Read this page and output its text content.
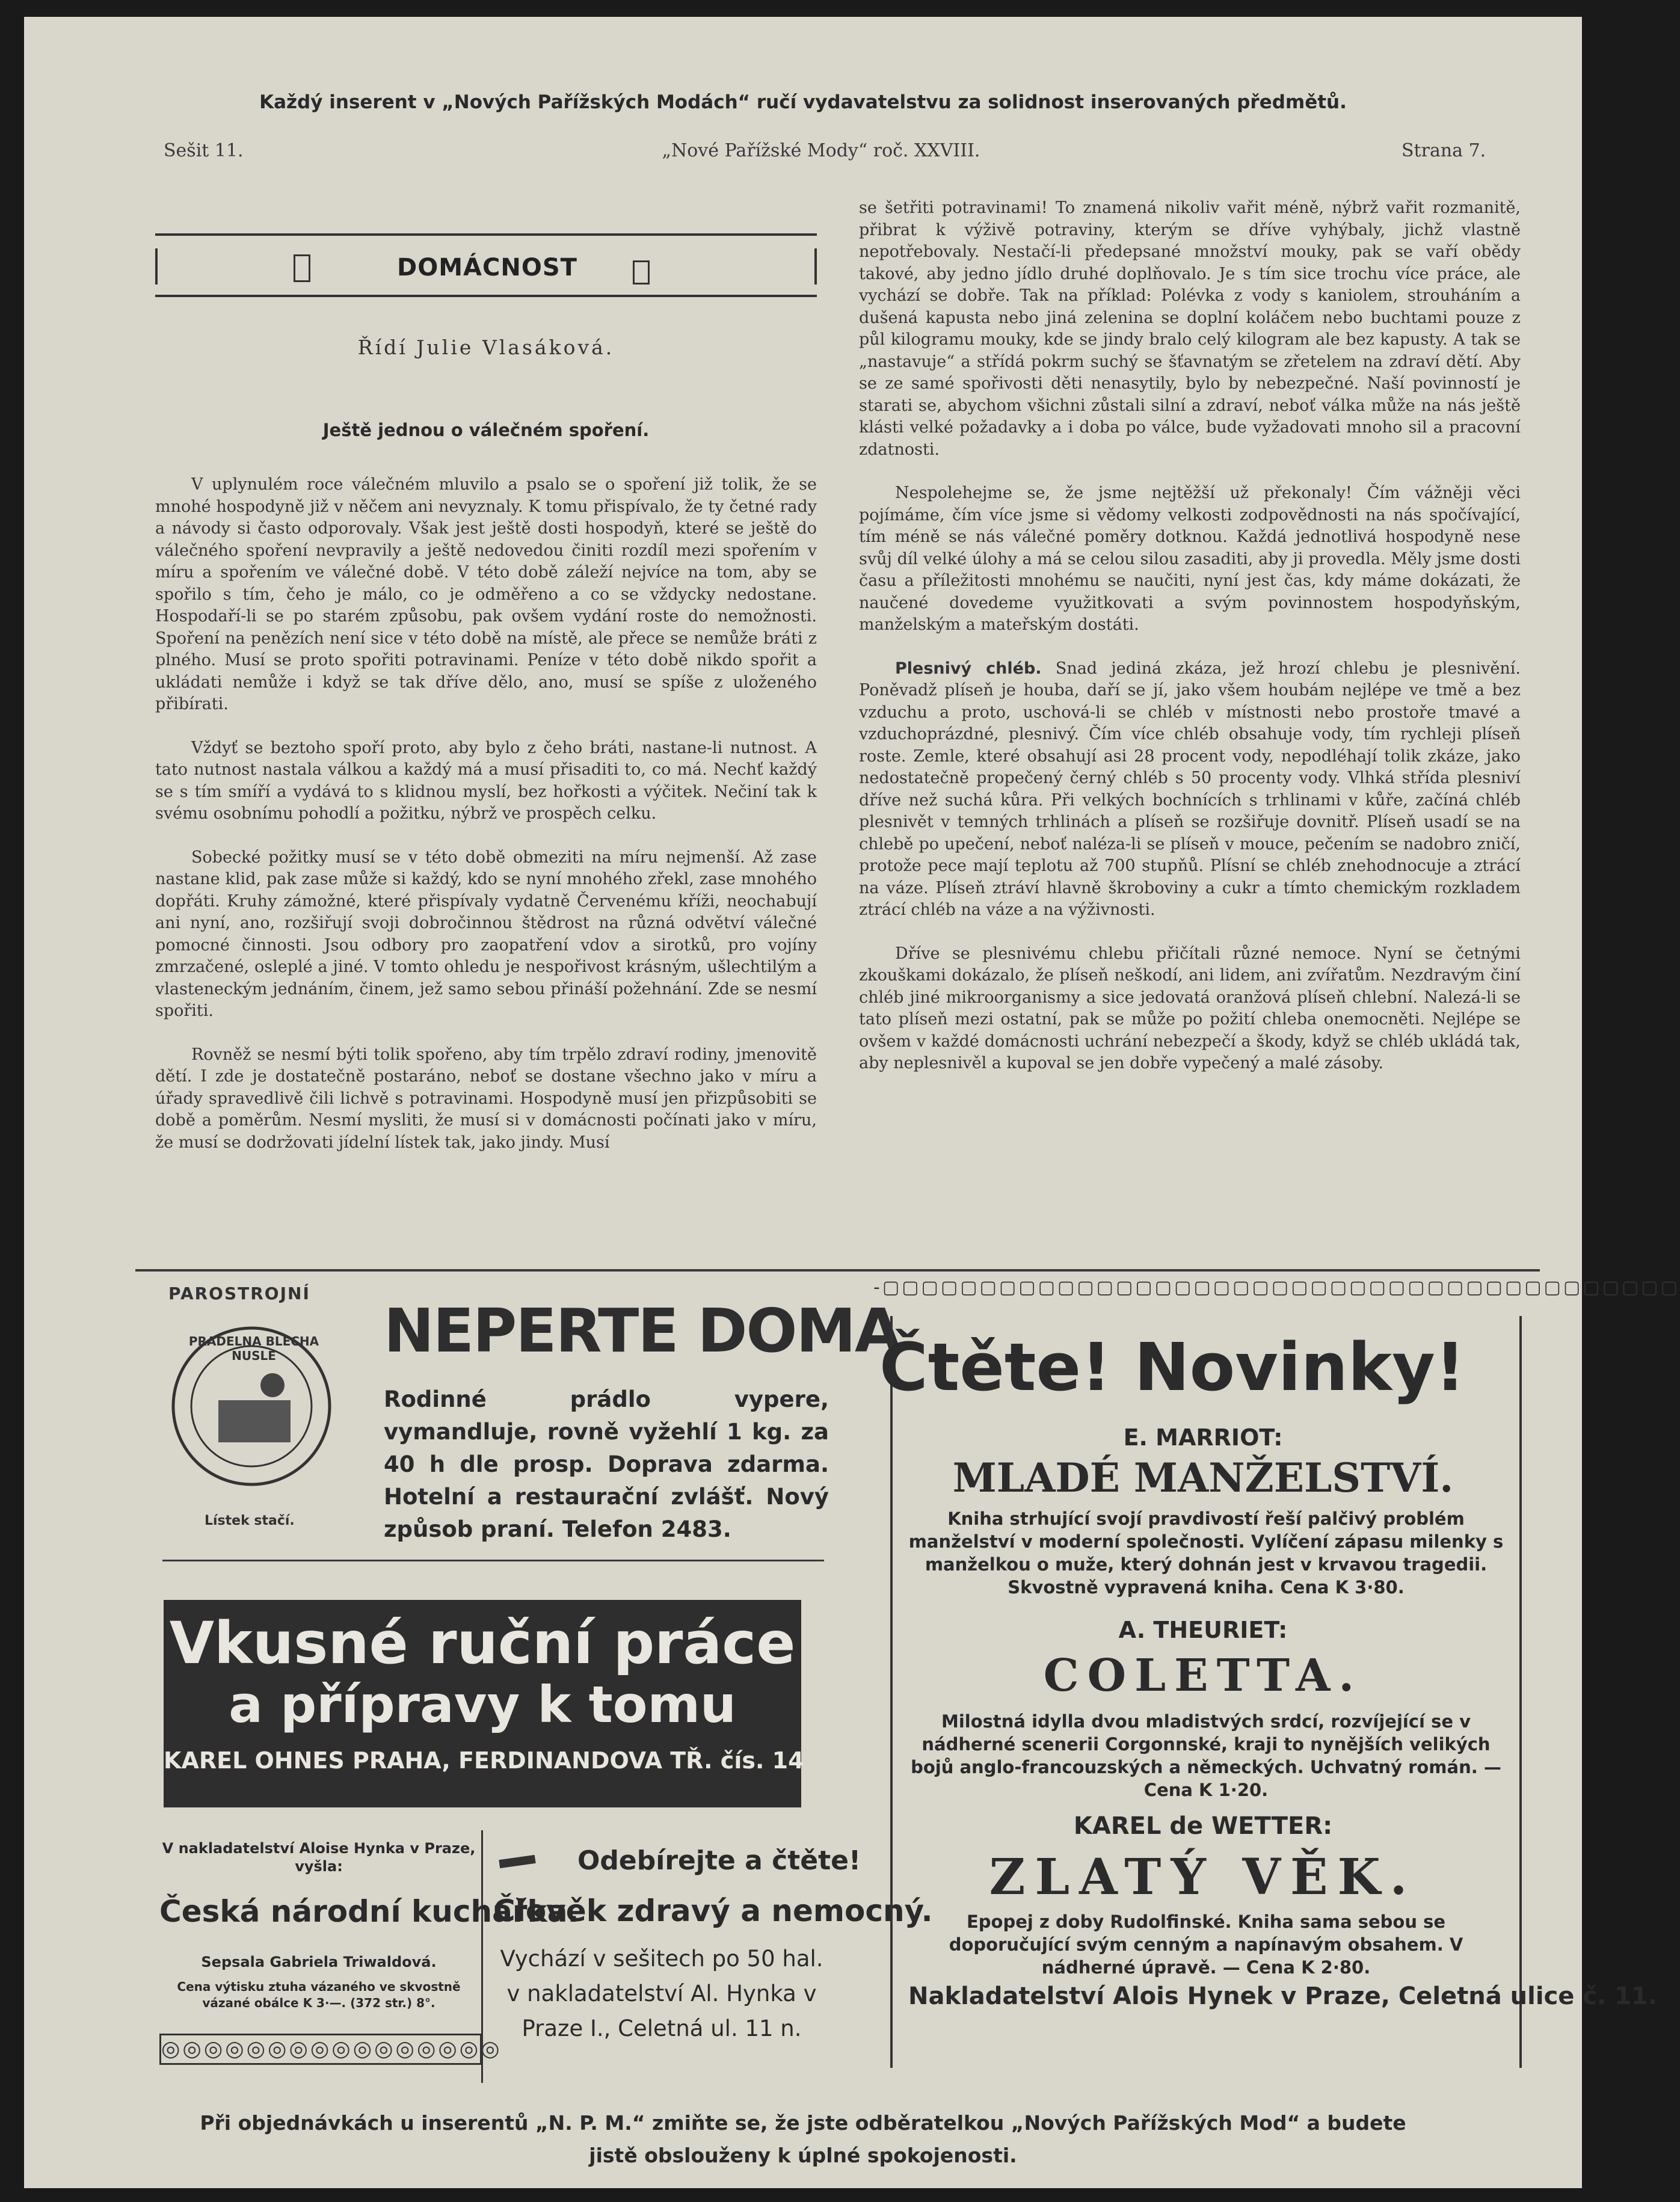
Každý inserent v „Nových Pařížských Modách“ ručí vydavatelstvu za solidnost inserovaných předmětů.
Sešit 11.	„Nové Pařížské Mody“ roč. XXVIII.	Strana 7.
DOMÁCNOST
Řídí Julie Vlasáková.
Ještě jednou o válečném spoření.

V uplynulém roce válečném mluvilo a psalo se o spoření již tolik, že se mnohé hospodyně již v něčem ani nevyznaly. K tomu přispívalo, že ty četné rady a návody si často odporovaly. Však jest ještě dosti hospodyň, které se ještě do válečného spoření nevpravily a ještě nedovedou činiti rozdíl mezi spořením v míru a spořením ve válečné době. V této době záleží nejvíce na tom, aby se spořilo s tím, čeho je málo, co je odměřeno a co se vždycky nedostane. Hospodaří-li se po starém způsobu, pak ovšem vydání roste do nemožnosti. Spoření na penězích není sice v této době na místě, ale přece se nemůže bráti z plného. Musí se proto spořiti potravinami. Peníze v této době nikdo spořit a ukládati nemůže i když se tak dříve dělo, ano, musí se spíše z uloženého přibírati.

Vždyť se beztoho spoří proto, aby bylo z čeho bráti, nastane-li nutnost. A tato nutnost nastala válkou a každý má a musí přisaditi to, co má. Nechť každý se s tím smíří a vydává to s klidnou myslí, bez hořkosti a výčitek. Nečiní tak k svému osobnímu pohodlí a požitku, nýbrž ve prospěch celku.

Sobecké požitky musí se v této době obmeziti na míru nejmenší. Až zase nastane klid, pak zase může si každý, kdo se nyní mnohého zřekl, zase mnohého dopřáti. Kruhy zámožné, které přispívaly vydatně Červenému kříži, neochabují ani nyní, ano, rozšiřují svoji dobročinnou štědrost na různá odvětví válečné pomocné činnosti. Jsou odbory pro zaopatření vdov a sirotků, pro vojíny zmrzačené, osleplé a jiné. V tomto ohledu je nespořivost krásným, ušlechtilým a vlasteneckým jednáním, činem, jež samo sebou přináší požehnání. Zde se nesmí spořiti.

Rovněž se nesmí býti tolik spořeno, aby tím trpělo zdraví rodiny, jmenovitě dětí. I zde je dostatečně postaráno, neboť se dostane všechno jako v míru a úřady spravedlivě čili lichvě s potravinami. Hospodyně musí jen přizpůsobiti se době a poměrům. Nesmí mysliti, že musí si v domácnosti počínati jako v míru, že musí se dodržovati jídelní lístek tak, jako jindy. Musí

se šetřiti potravinami! To znamená nikoliv vařit méně, nýbrž vařit rozmanitě, přibrat k výživě potraviny, kterým se dříve vyhýbaly, jichž vlastně nepotřebovaly. Nestačí-li předepsané množství mouky, pak se vaří obědy takové, aby jedno jídlo druhé doplňovalo. Je s tím sice trochu více práce, ale vychází se dobře. Tak na příklad: Polévka z vody s kaniolem, strouháním a dušená kapusta nebo jiná zelenina se doplní koláčem nebo buchtami pouze z půl kilogramu mouky, kde se jindy bralo celý kilogram ale bez kapusty. A tak se „nastavuje“ a střídá pokrm suchý se šťavnatým se zřetelem na zdraví dětí. Aby se ze samé spořivosti děti nenasytily, bylo by nebezpečné. Naší povinností je starati se, abychom všichni zůstali silní a zdraví, neboť válka může na nás ještě klásti velké požadavky a i doba po válce, bude vyžadovati mnoho sil a pracovní zdatnosti.

Nespolehejme se, že jsme nejtěžší už překonaly! Čím vážněji věci pojímáme, čím více jsme si vědomy velkosti zodpovědnosti na nás spočívající, tím méně se nás válečné poměry dotknou. Každá jednotlivá hospodyně nese svůj díl velké úlohy a má se celou silou zasaditi, aby ji provedla. Měly jsme dosti času a příležitosti mnohému se naučiti, nyní jest čas, kdy máme dokázati, že naučené dovedeme využitkovati a svým povinnostem hospodyňským, manželským a mateřským dostáti.

Plesnivý chléb. Snad jediná zkáza, jež hrozí chlebu je plesnivění. Poněvadž plíseň je houba, daří se jí, jako všem houbám nejlépe ve tmě a bez vzduchu a proto, uschová-li se chléb v místnosti nebo prostoře tmavé a vzduchoprázdné, plesnivý. Čím více chléb obsahuje vody, tím rychleji plíseň roste. Zemle, které obsahují asi 28 procent vody, nepodléhají tolik zkáze, jako nedostatečně propečený černý chléb s 50 procenty vody. Vlhká střída plesniví dříve než suchá kůra. Při velkých bochnících s trhlinami v kůře, začíná chléb plesnivět v temných trhlinách a plíseň se rozšiřuje dovnitř. Plíseň usadí se na chlebě po upečení, neboť naléza-li se plíseň v mouce, pečením se nadobro zničí, protože pece mají teplotu až 700 stupňů. Plísní se chléb znehodnocuje a ztrácí na váze. Plíseň ztráví hlavně škroboviny a cukr a tímto chemickým rozkladem ztrácí chléb na váze a na výživnosti.

Dříve se plesnivému chlebu přičítali různé nemoce. Nyní se četnými zkouškami dokázalo, že plíseň neškodí, ani lidem, ani zvířatům. Nezdravým činí chléb jiné mikroorganismy a sice jedovatá oranžová plíseň chlební. Nalezá-li se tato plíseň mezi ostatní, pak se může po požití chleba onemocněti. Nejlépe se ovšem v každé domácnosti uchrání nebezpečí a škody, když se chléb ukládá tak, aby neplesnivěl a kupoval se jen dobře vypečený a malé zásoby.

PAROSTROJNÍ
PRADELNA BLECHA NUSLE
Lístek stačí.
NEPERTE DOMA
Rodinné prádlo vypere, vymandluje, rovně vyžehlí 1 kg. za 40 h dle prosp. Doprava zdarma. Hotelní a restaurační zvlášť. Nový způsob praní. Telefon 2483.
Vkusné ruční práce
a přípravy k tomu
KAREL OHNES PRAHA, FERDINANDOVA TŘ. čís. 14
V nakladatelství Aloise Hynka v Praze, vyšla:
Česká národní kuchařka.
Sepsala Gabriela Triwaldová.
Cena výtisku ztuha vázaného ve skvostně vázané obálce K 3·—. (372 str.) 8°.
◎◎◎◎◎◎◎◎◎◎◎◎◎◎◎◎
Odebírejte a čtěte!
Člověk zdravý a nemocný.
Vychází v sešitech po 50 hal. v nakladatelství Al. Hynka v Praze I., Celetná ul. 11 n.
-▢▢▢▢▢▢▢▢▢▢▢▢▢▢▢▢▢▢▢▢▢▢▢▢▢▢▢▢▢▢▢▢▢▢▢▢▢▢▢▢▢
Čtěte! Novinky!
E. MARRIOT:
MLADÉ MANŽELSTVÍ.
Kniha strhující svojí pravdivostí řeší palčivý problém manželství v moderní společnosti. Vylíčení zápasu milenky s manželkou o muže, který dohnán jest v krvavou tragedii. Skvostně vypravená kniha. Cena K 3·80.
A. THEURIET:
COLETTA.
Milostná idylla dvou mladistvých srdcí, rozvíjející se v nádherné scenerii Corgonnské, kraji to nynějších velikých bojů anglo-francouzských a německých. Uchvatný román. — Cena K 1·20.
KAREL de WETTER:
ZLATÝ VĚK.
Epopej z doby Rudolfinské. Kniha sama sebou se doporučující svým cenným a napínavým obsahem. V nádherné úpravě. — Cena K 2·80.
Nakladatelství Alois Hynek v Praze, Celetná ulice č. 11.
Při objednávkách u inserentů „N. P. M.“ zmiňte se, že jste odběratelkou „Nových Pařížských Mod“ a budete jistě obslouženy k úplné spokojenosti.
